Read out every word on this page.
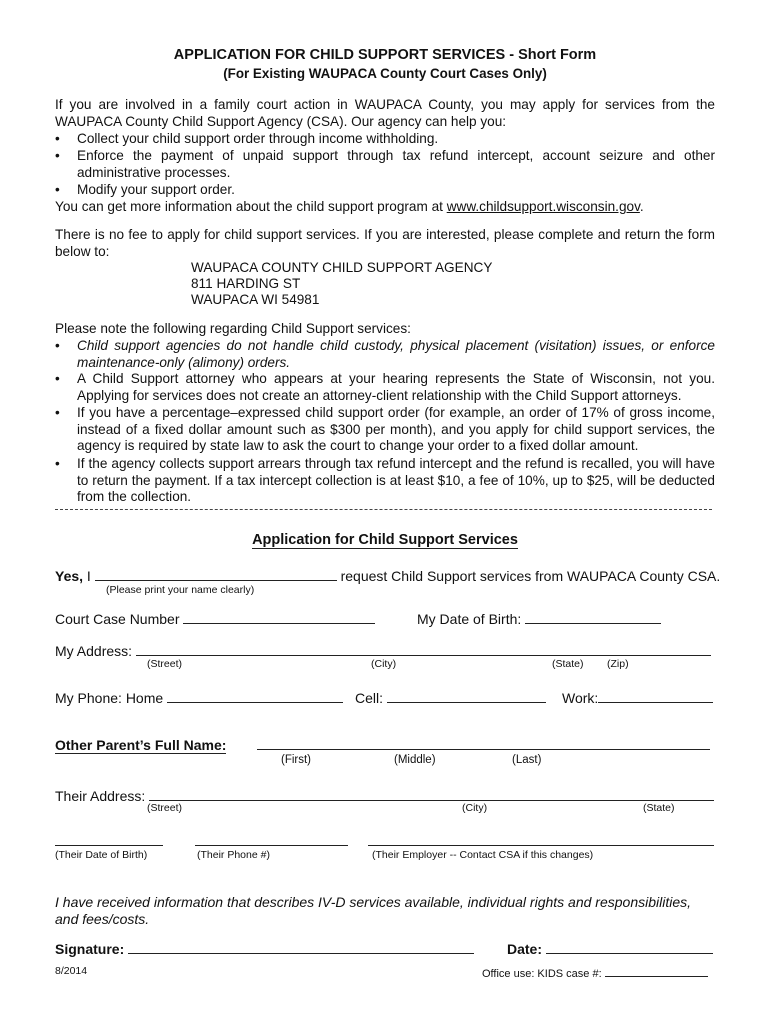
APPLICATION FOR CHILD SUPPORT SERVICES - Short Form
(For Existing WAUPACA County Court Cases Only)
If you are involved in a family court action in WAUPACA County, you may apply for services from the WAUPACA County Child Support Agency (CSA). Our agency can help you:
• Collect your child support order through income withholding.
• Enforce the payment of unpaid support through tax refund intercept, account seizure and other administrative processes.
• Modify your support order.
You can get more information about the child support program at www.childsupport.wisconsin.gov.
There is no fee to apply for child support services. If you are interested, please complete and return the form below to:
WAUPACA COUNTY CHILD SUPPORT AGENCY
811 HARDING ST
WAUPACA WI 54981
Please note the following regarding Child Support services:
• Child support agencies do not handle child custody, physical placement (visitation) issues, or enforce maintenance-only (alimony) orders.
• A Child Support attorney who appears at your hearing represents the State of Wisconsin, not you. Applying for services does not create an attorney-client relationship with the Child Support attorneys.
• If you have a percentage–expressed child support order (for example, an order of 17% of gross income, instead of a fixed dollar amount such as $300 per month), and you apply for child support services, the agency is required by state law to ask the court to change your order to a fixed dollar amount.
• If the agency collects support arrears through tax refund intercept and the refund is recalled, you will have to return the payment. If a tax intercept collection is at least $10, a fee of 10%, up to $25, will be deducted from the collection.
Application for Child Support Services
Yes, I	request Child Support services from WAUPACA County CSA.
(Please print your name clearly)
Court Case Number	My Date of Birth:
My Address:
(Street)	(City)	(State) (Zip)
My Phone: Home	Cell:	Work:
Other Parent’s Full Name:
(First)	(Middle)	(Last)
Their Address:
(Street)	(City)	(State)
(Their Date of Birth)	(Their Phone #)	(Their Employer -- Contact CSA if this changes)
I have received information that describes IV-D services available, individual rights and responsibilities, and fees/costs.
Signature:	Date:
8/2014	Office use: KIDS case #:
